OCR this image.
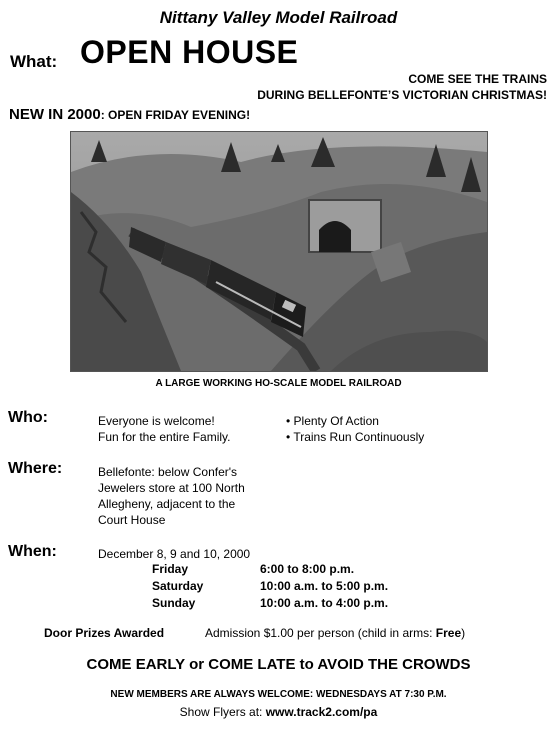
Nittany Valley Model Railroad
What: OPEN HOUSE
COME SEE THE TRAINS
DURING BELLEFONTE’S VICTORIAN CHRISTMAS!
NEW IN 2000: OPEN FRIDAY EVENING!
A LARGE WORKING HO-SCALE MODEL RAILROAD
Who:	Everyone is welcome!
Fun for the entire Family.
• Plenty Of Action
• Trains Run Continuously
Where:	Bellefonte: below Confer's
Jewelers store at 100 North
Allegheny, adjacent to the
Court House
When:	December 8, 9 and 10, 2000
Friday	6:00 to 8:00 p.m.
Saturday	10:00 a.m. to 5:00 p.m.
Sunday	10:00 a.m. to 4:00 p.m.
Door Prizes Awarded	Admission $1.00 per person (child in arms: Free)
COME EARLY or COME LATE to AVOID THE CROWDS
NEW MEMBERS ARE ALWAYS WELCOME: WEDNESDAYS AT 7:30 P.M.
Show Flyers at: www.track2.com/pa
